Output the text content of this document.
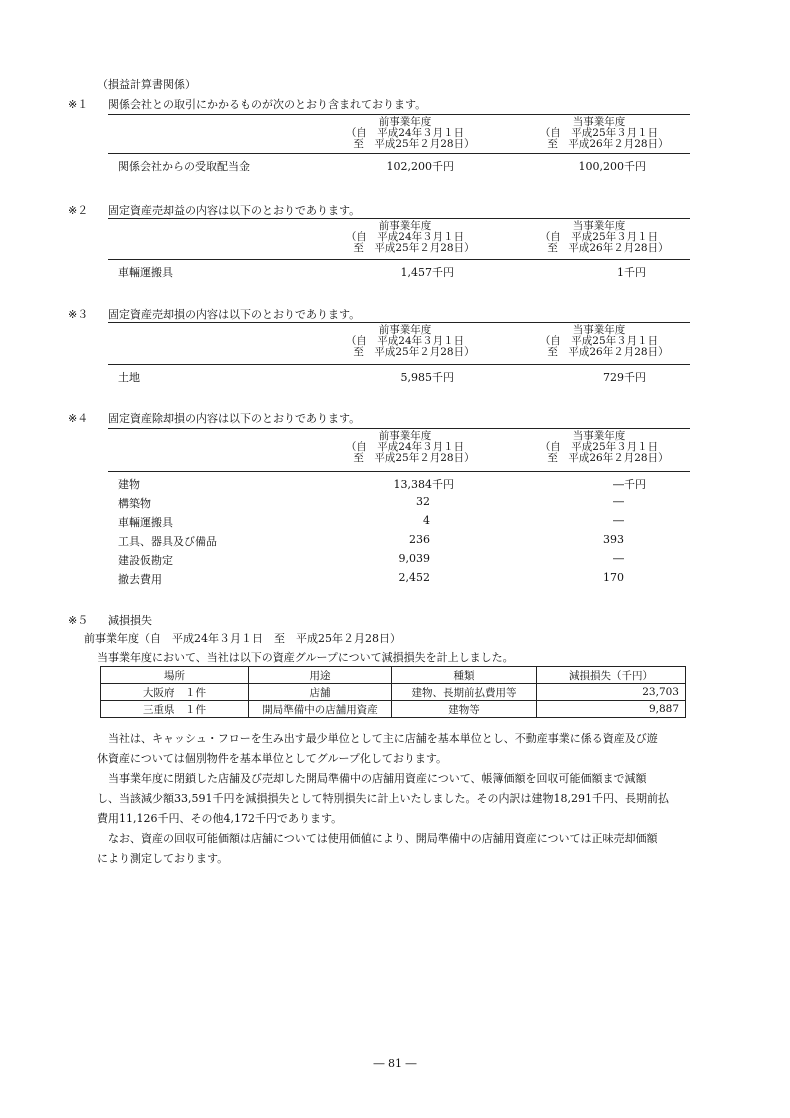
（損益計算書関係）
※１ 関係会社との取引にかかるものが次のとおり含まれております。
前事業年度
（自　平成24年３月１日
至　平成25年２月28日）
当事業年度
（自　平成25年３月１日
至　平成26年２月28日）
関係会社からの受取配当金	102,200千円	100,200千円
※２ 固定資産売却益の内容は以下のとおりであります。
前事業年度
（自　平成24年３月１日
至　平成25年２月28日）
当事業年度
（自　平成25年３月１日
至　平成26年２月28日）
車輛運搬具	1,457千円	1千円
※３ 固定資産売却損の内容は以下のとおりであります。
前事業年度
（自　平成24年３月１日
至　平成25年２月28日）
当事業年度
（自　平成25年３月１日
至　平成26年２月28日）
土地	5,985千円	729千円
※４ 固定資産除却損の内容は以下のとおりであります。
前事業年度
（自　平成24年３月１日
至　平成25年２月28日）
当事業年度
（自　平成25年３月１日
至　平成26年２月28日）
建物	13,384千円	―千円
構築物	32	―
車輛運搬具	4	―
工具、器具及び備品	236	393
建設仮勘定	9,039	―
撤去費用	2,452	170
※５ 減損損失
前事業年度（自　平成24年３月１日　至　平成25年２月28日）
当事業年度において、当社は以下の資産グループについて減損損失を計上しました。
場所	用途	種類	減損損失（千円）
大阪府　１件	店舗	建物、長期前払費用等	23,703
三重県　１件	開局準備中の店舗用資産	建物等	9,887
当社は、キャッシュ・フローを生み出す最少単位として主に店舗を基本単位とし、不動産事業に係る資産及び遊
休資産については個別物件を基本単位としてグループ化しております。
当事業年度に閉鎖した店舗及び売却した開局準備中の店舗用資産について、帳簿価額を回収可能価額まで減額
し、当該減少額33,591千円を減損損失として特別損失に計上いたしました。その内訳は建物18,291千円、長期前払
費用11,126千円、その他4,172千円であります。
なお、資産の回収可能価額は店舗については使用価値により、開局準備中の店舗用資産については正味売却価額
により測定しております。
― 81 ―
